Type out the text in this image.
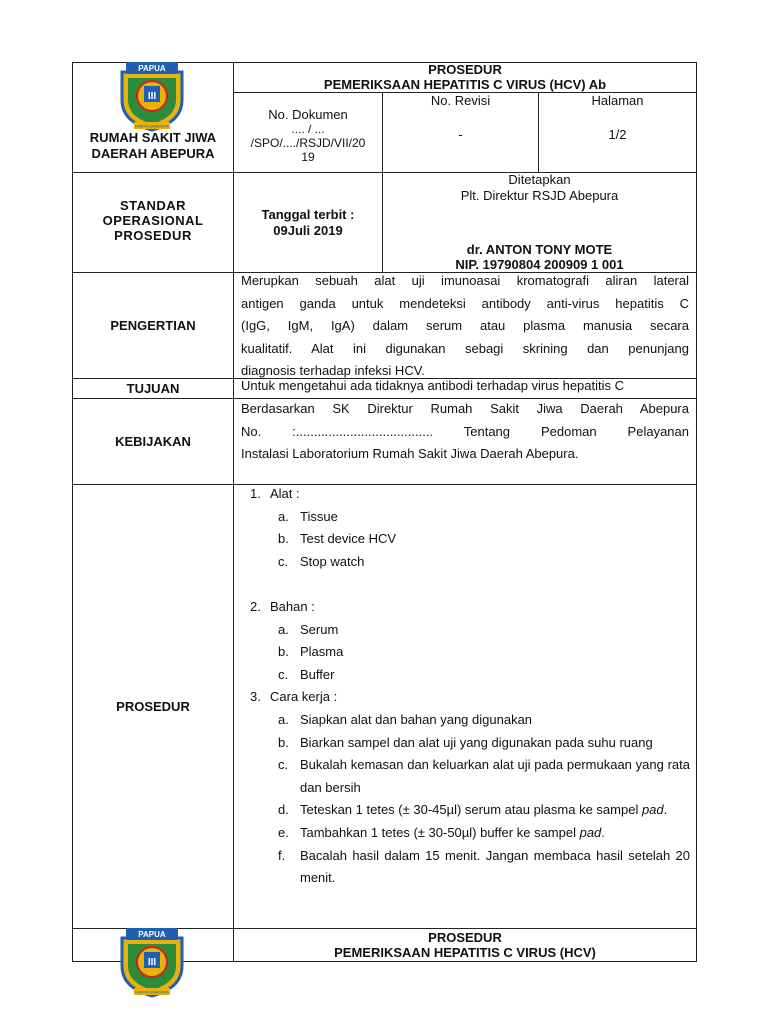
III
PAPUA
KARYA SWADAYA
RUMAH SAKIT JIWA
DAERAH ABEPURA
PROSEDUR
PEMERIKSAAN HEPATITIS C VIRUS (HCV) Ab
No. Dokumen
.... / ...
/SPO/..../RSJD/VII/20
19
No. Revisi
-
Halaman
1/2
STANDAR
OPERASIONAL
PROSEDUR
Tanggal terbit :
09Juli 2019
Ditetapkan
Plt. Direktur RSJD Abepura
dr. ANTON TONY MOTE
NIP. 19790804 200909 1 001
PENGERTIAN
Merupkan sebuah alat uji imunoasai kromatografi aliran lateral
antigen ganda untuk mendeteksi antibody anti-virus hepatitis C
(IgG, IgM, IgA) dalam serum atau plasma manusia secara
kualitatif. Alat ini digunakan sebagi skrining dan penunjang
diagnosis terhadap infeksi HCV.
TUJUAN	Untuk mengetahui ada tidaknya antibodi terhadap virus hepatitis C
KEBIJAKAN
Berdasarkan SK Direktur Rumah Sakit Jiwa Daerah Abepura
No. :...................................... Tentang Pedoman Pelayanan
Instalasi Laboratorium Rumah Sakit Jiwa Daerah Abepura.
PROSEDUR
1. Alat :
a. Tissue
b. Test device HCV
c. Stop watch
2. Bahan :
a. Serum
b. Plasma
c. Buffer
3. Cara kerja :
a. Siapkan alat dan bahan yang digunakan
b. Biarkan sampel dan alat uji yang digunakan pada suhu ruang
c. Bukalah kemasan dan keluarkan alat uji pada permukaan yang rata dan bersih
d. Teteskan 1 tetes (± 30-45µl) serum atau plasma ke sampel pad.
e. Tambahkan 1 tetes (± 30-50µl) buffer ke sampel pad.
f.	Bacalah hasil dalam 15 menit. Jangan membaca hasil setelah 20 menit.
III
PAPUA
KARYA SWADAYA
PROSEDUR
PEMERIKSAAN HEPATITIS C VIRUS (HCV)
